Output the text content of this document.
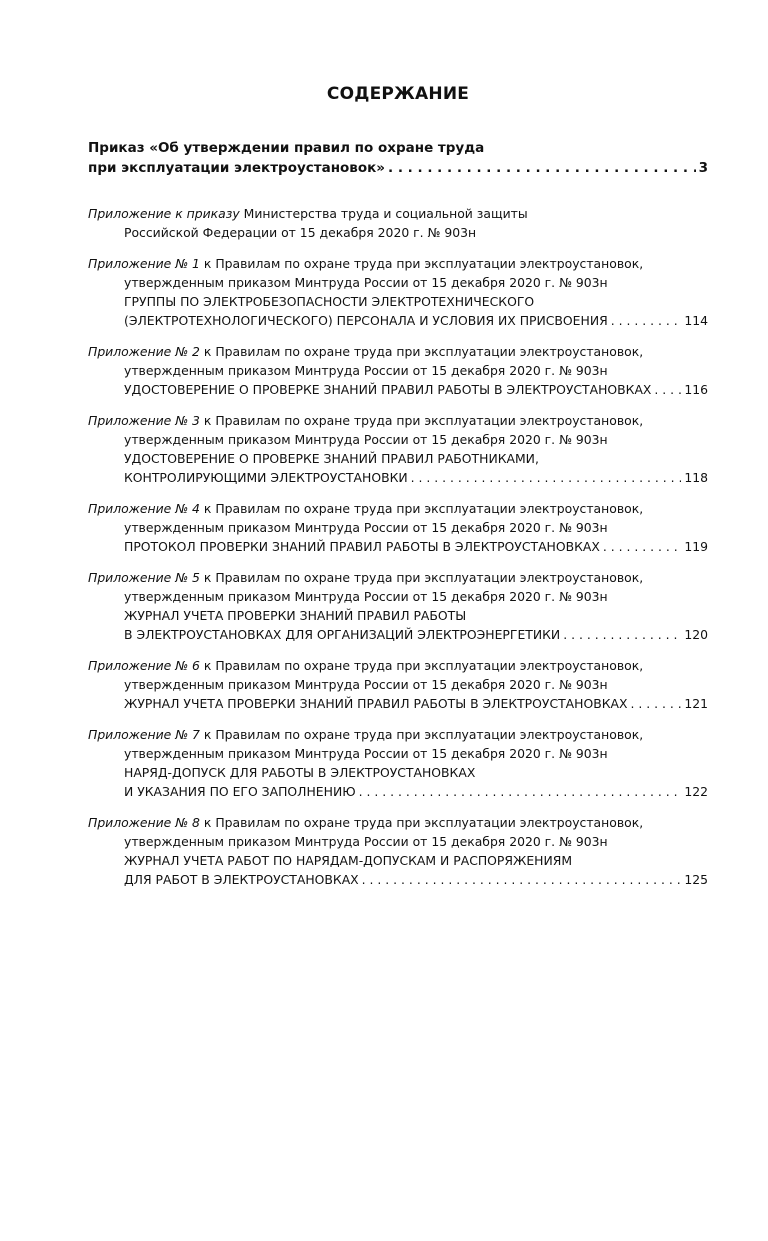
СОДЕРЖАНИЕ
Приказ «Об утверждении правил по охране труда
при эксплуатации электроустановок» . . .	3
Приложение к приказу Министерства труда и социальной защиты
Российской Федерации от 15 декабря 2020 г. № 903н
Приложение № 1 к Правилам по охране труда при эксплуатации электроустановок,
утвержденным приказом Минтруда России от 15 декабря 2020 г. № 903н
ГРУППЫ ПО ЭЛЕКТРОБЕЗОПАСНОСТИ ЭЛЕКТРОТЕХНИЧЕСКОГО
(ЭЛЕКТРОТЕХНОЛОГИЧЕСКОГО) ПЕРСОНАЛА И УСЛОВИЯ ИХ ПРИСВОЕНИЯ . . .	114
Приложение № 2 к Правилам по охране труда при эксплуатации электроустановок,
утвержденным приказом Минтруда России от 15 декабря 2020 г. № 903н
УДОСТОВЕРЕНИЕ О ПРОВЕРКЕ ЗНАНИЙ ПРАВИЛ РАБОТЫ В ЭЛЕКТРОУСТАНОВКАХ . . .	116
Приложение № 3 к Правилам по охране труда при эксплуатации электроустановок,
утвержденным приказом Минтруда России от 15 декабря 2020 г. № 903н
УДОСТОВЕРЕНИЕ О ПРОВЕРКЕ ЗНАНИЙ ПРАВИЛ РАБОТНИКАМИ,
КОНТРОЛИРУЮЩИМИ ЭЛЕКТРОУСТАНОВКИ . . .	118
Приложение № 4 к Правилам по охране труда при эксплуатации электроустановок,
утвержденным приказом Минтруда России от 15 декабря 2020 г. № 903н
ПРОТОКОЛ ПРОВЕРКИ ЗНАНИЙ ПРАВИЛ РАБОТЫ В ЭЛЕКТРОУСТАНОВКАХ . . .	119
Приложение № 5 к Правилам по охране труда при эксплуатации электроустановок,
утвержденным приказом Минтруда России от 15 декабря 2020 г. № 903н
ЖУРНАЛ УЧЕТА ПРОВЕРКИ ЗНАНИЙ ПРАВИЛ РАБОТЫ
В ЭЛЕКТРОУСТАНОВКАХ ДЛЯ ОРГАНИЗАЦИЙ ЭЛЕКТРОЭНЕРГЕТИКИ . . .	120
Приложение № 6 к Правилам по охране труда при эксплуатации электроустановок,
утвержденным приказом Минтруда России от 15 декабря 2020 г. № 903н
ЖУРНАЛ УЧЕТА ПРОВЕРКИ ЗНАНИЙ ПРАВИЛ РАБОТЫ В ЭЛЕКТРОУСТАНОВКАХ . . .	121
Приложение № 7 к Правилам по охране труда при эксплуатации электроустановок,
утвержденным приказом Минтруда России от 15 декабря 2020 г. № 903н
НАРЯД-ДОПУСК ДЛЯ РАБОТЫ В ЭЛЕКТРОУСТАНОВКАХ
И УКАЗАНИЯ ПО ЕГО ЗАПОЛНЕНИЮ . . .	122
Приложение № 8 к Правилам по охране труда при эксплуатации электроустановок,
утвержденным приказом Минтруда России от 15 декабря 2020 г. № 903н
ЖУРНАЛ УЧЕТА РАБОТ ПО НАРЯДАМ-ДОПУСКАМ И РАСПОРЯЖЕНИЯМ
ДЛЯ РАБОТ В ЭЛЕКТРОУСТАНОВКАХ . . .	125
